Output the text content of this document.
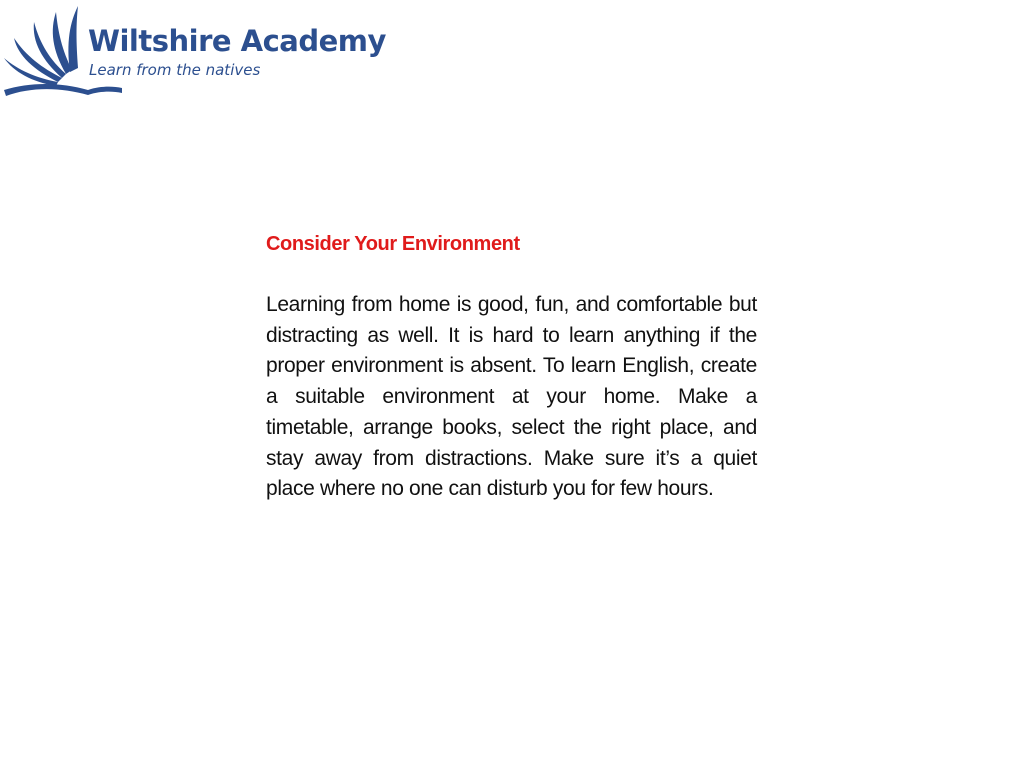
Wiltshire Academy
Learn from the natives
Consider Your Environment

Learning from home is good, fun, and comfortable but distracting as well. It is hard to learn anything if the proper environment is absent. To learn English, create a suitable environment at your home. Make a timetable, arrange books, select the right place, and stay away from distractions. Make sure it’s a quiet place where no one can disturb you for few hours.
